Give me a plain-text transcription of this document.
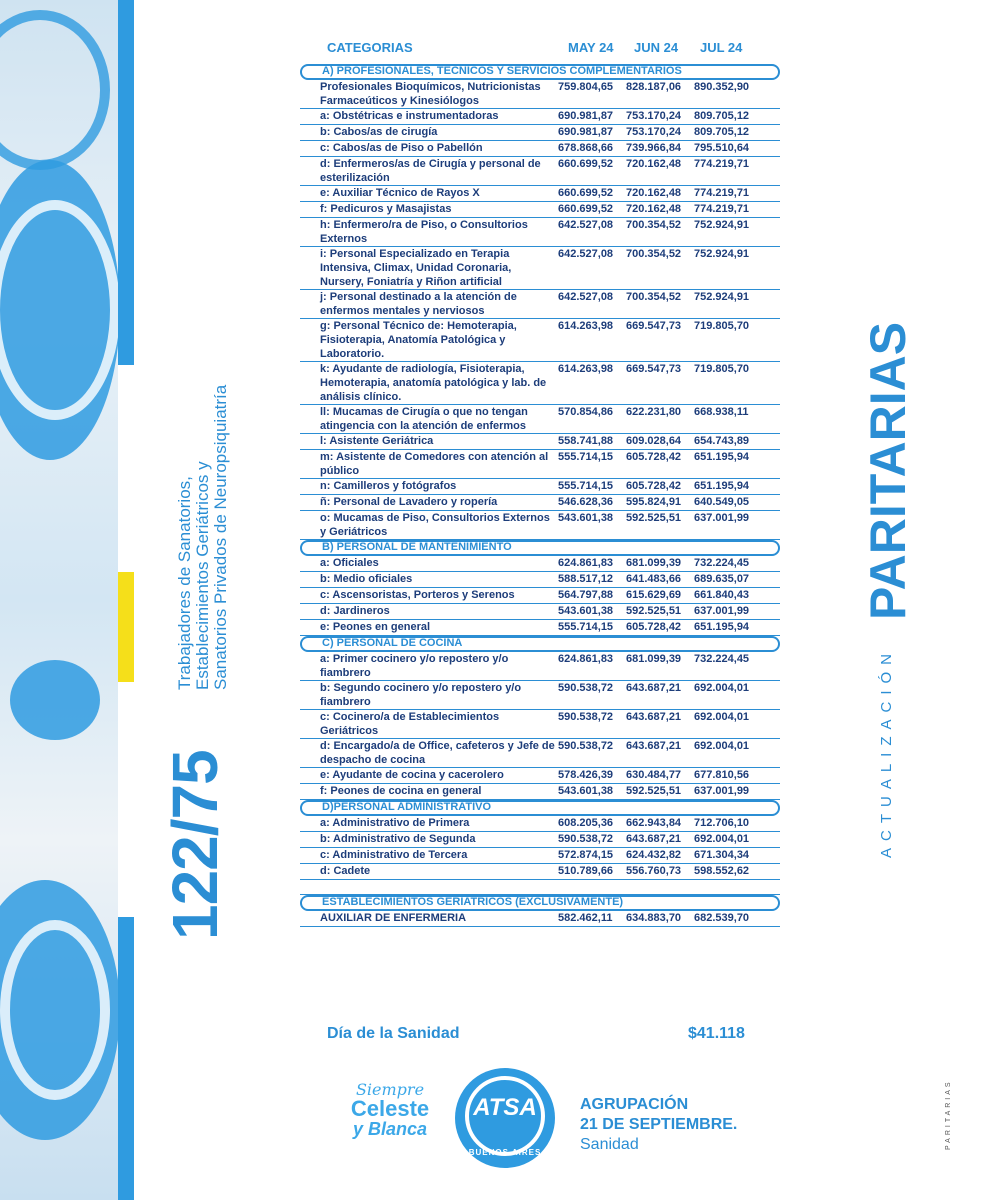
122/75
Trabajadores de Sanatorios, Establecimientos Geriátricos y Sanatorios Privados de Neuropsiquiatría	PARITARIAS
ACTUALIZACIÓN
PARITARIAS
CATEGORIAS	MAY 24 JUN 24 JUL 24
A) PROFESIONALES, TECNICOS Y SERVICIOS COMPLEMENTARIOS
Profesionales Bioquímicos, Nutricionistas Farmaceúticos y Kinesiólogos
759.804,65	828.187,06	890.352,90
a: Obstétricas e instrumentadoras	690.981,87	753.170,24	809.705,12
b: Cabos/as de cirugía	690.981,87	753.170,24	809.705,12
c: Cabos/as de Piso o Pabellón	678.868,66	739.966,84	795.510,64
d: Enfermeros/as de Cirugía y personal de esterilización
660.699,52	720.162,48	774.219,71
e: Auxiliar Técnico de Rayos X	660.699,52	720.162,48	774.219,71
f: Pedicuros y Masajistas	660.699,52	720.162,48	774.219,71
h: Enfermero/ra de Piso, o Consultorios Externos
642.527,08	700.354,52	752.924,91
i: Personal Especializado en Terapia Intensiva, Climax, Unidad Coronaria, Nursery, Foniatría y Riñon artificial
642.527,08	700.354,52	752.924,91
j: Personal destinado a la atención de enfermos mentales y nerviosos
642.527,08	700.354,52	752.924,91
g: Personal Técnico de: Hemoterapia, Fisioterapia, Anatomía Patológica y Laboratorio.
614.263,98	669.547,73	719.805,70
k: Ayudante de radiología, Fisioterapia, Hemoterapia, anatomía patológica y lab. de análisis clínico.
614.263,98	669.547,73	719.805,70
ll: Mucamas de Cirugía o que no tengan atingencia con la atención de enfermos
570.854,86	622.231,80	668.938,11
l: Asistente Geriátrica	558.741,88	609.028,64	654.743,89
m: Asistente de Comedores con atención al público
555.714,15	605.728,42	651.195,94
n: Camilleros y fotógrafos	555.714,15	605.728,42	651.195,94
ñ: Personal de Lavadero y ropería	546.628,36	595.824,91	640.549,05
o: Mucamas de Piso, Consultorios Externos y Geriátricos
543.601,38	592.525,51	637.001,99
B) PERSONAL DE MANTENIMIENTO
a: Oficiales	624.861,83	681.099,39	732.224,45
b: Medio oficiales	588.517,12	641.483,66	689.635,07
c: Ascensoristas, Porteros y Serenos	564.797,88	615.629,69	661.840,43
d: Jardineros	543.601,38	592.525,51	637.001,99
e: Peones en general	555.714,15	605.728,42	651.195,94
C) PERSONAL DE COCINA
a: Primer cocinero y/o repostero y/o fiambrero
624.861,83	681.099,39	732.224,45
b: Segundo cocinero y/o repostero y/o fiambrero
590.538,72	643.687,21	692.004,01
c: Cocinero/a de Establecimientos Geriátricos
590.538,72	643.687,21	692.004,01
d: Encargado/a de Office, cafeteros y Jefe de despacho de cocina
590.538,72	643.687,21	692.004,01
e: Ayudante de cocina y cacerolero	578.426,39	630.484,77	677.810,56
f: Peones de cocina en general	543.601,38	592.525,51	637.001,99
D)PERSONAL ADMINISTRATIVO
a: Administrativo de Primera	608.205,36	662.943,84	712.706,10
b: Administrativo de Segunda	590.538,72	643.687,21	692.004,01
c: Administrativo de Tercera	572.874,15	624.432,82	671.304,34
d: Cadete	510.789,66	556.760,73	598.552,62
ESTABLECIMIENTOS GERIATRICOS (EXCLUSIVAMENTE)
AUXILIAR DE ENFERMERIA	582.462,11	634.883,70	682.539,70
Día de la Sanidad	$41.118
Siempre
Celeste
y Blanca
ATSA
BUENOS AIRES
AGRUPACIÓN
21 DE SEPTIEMBRE.
Sanidad
